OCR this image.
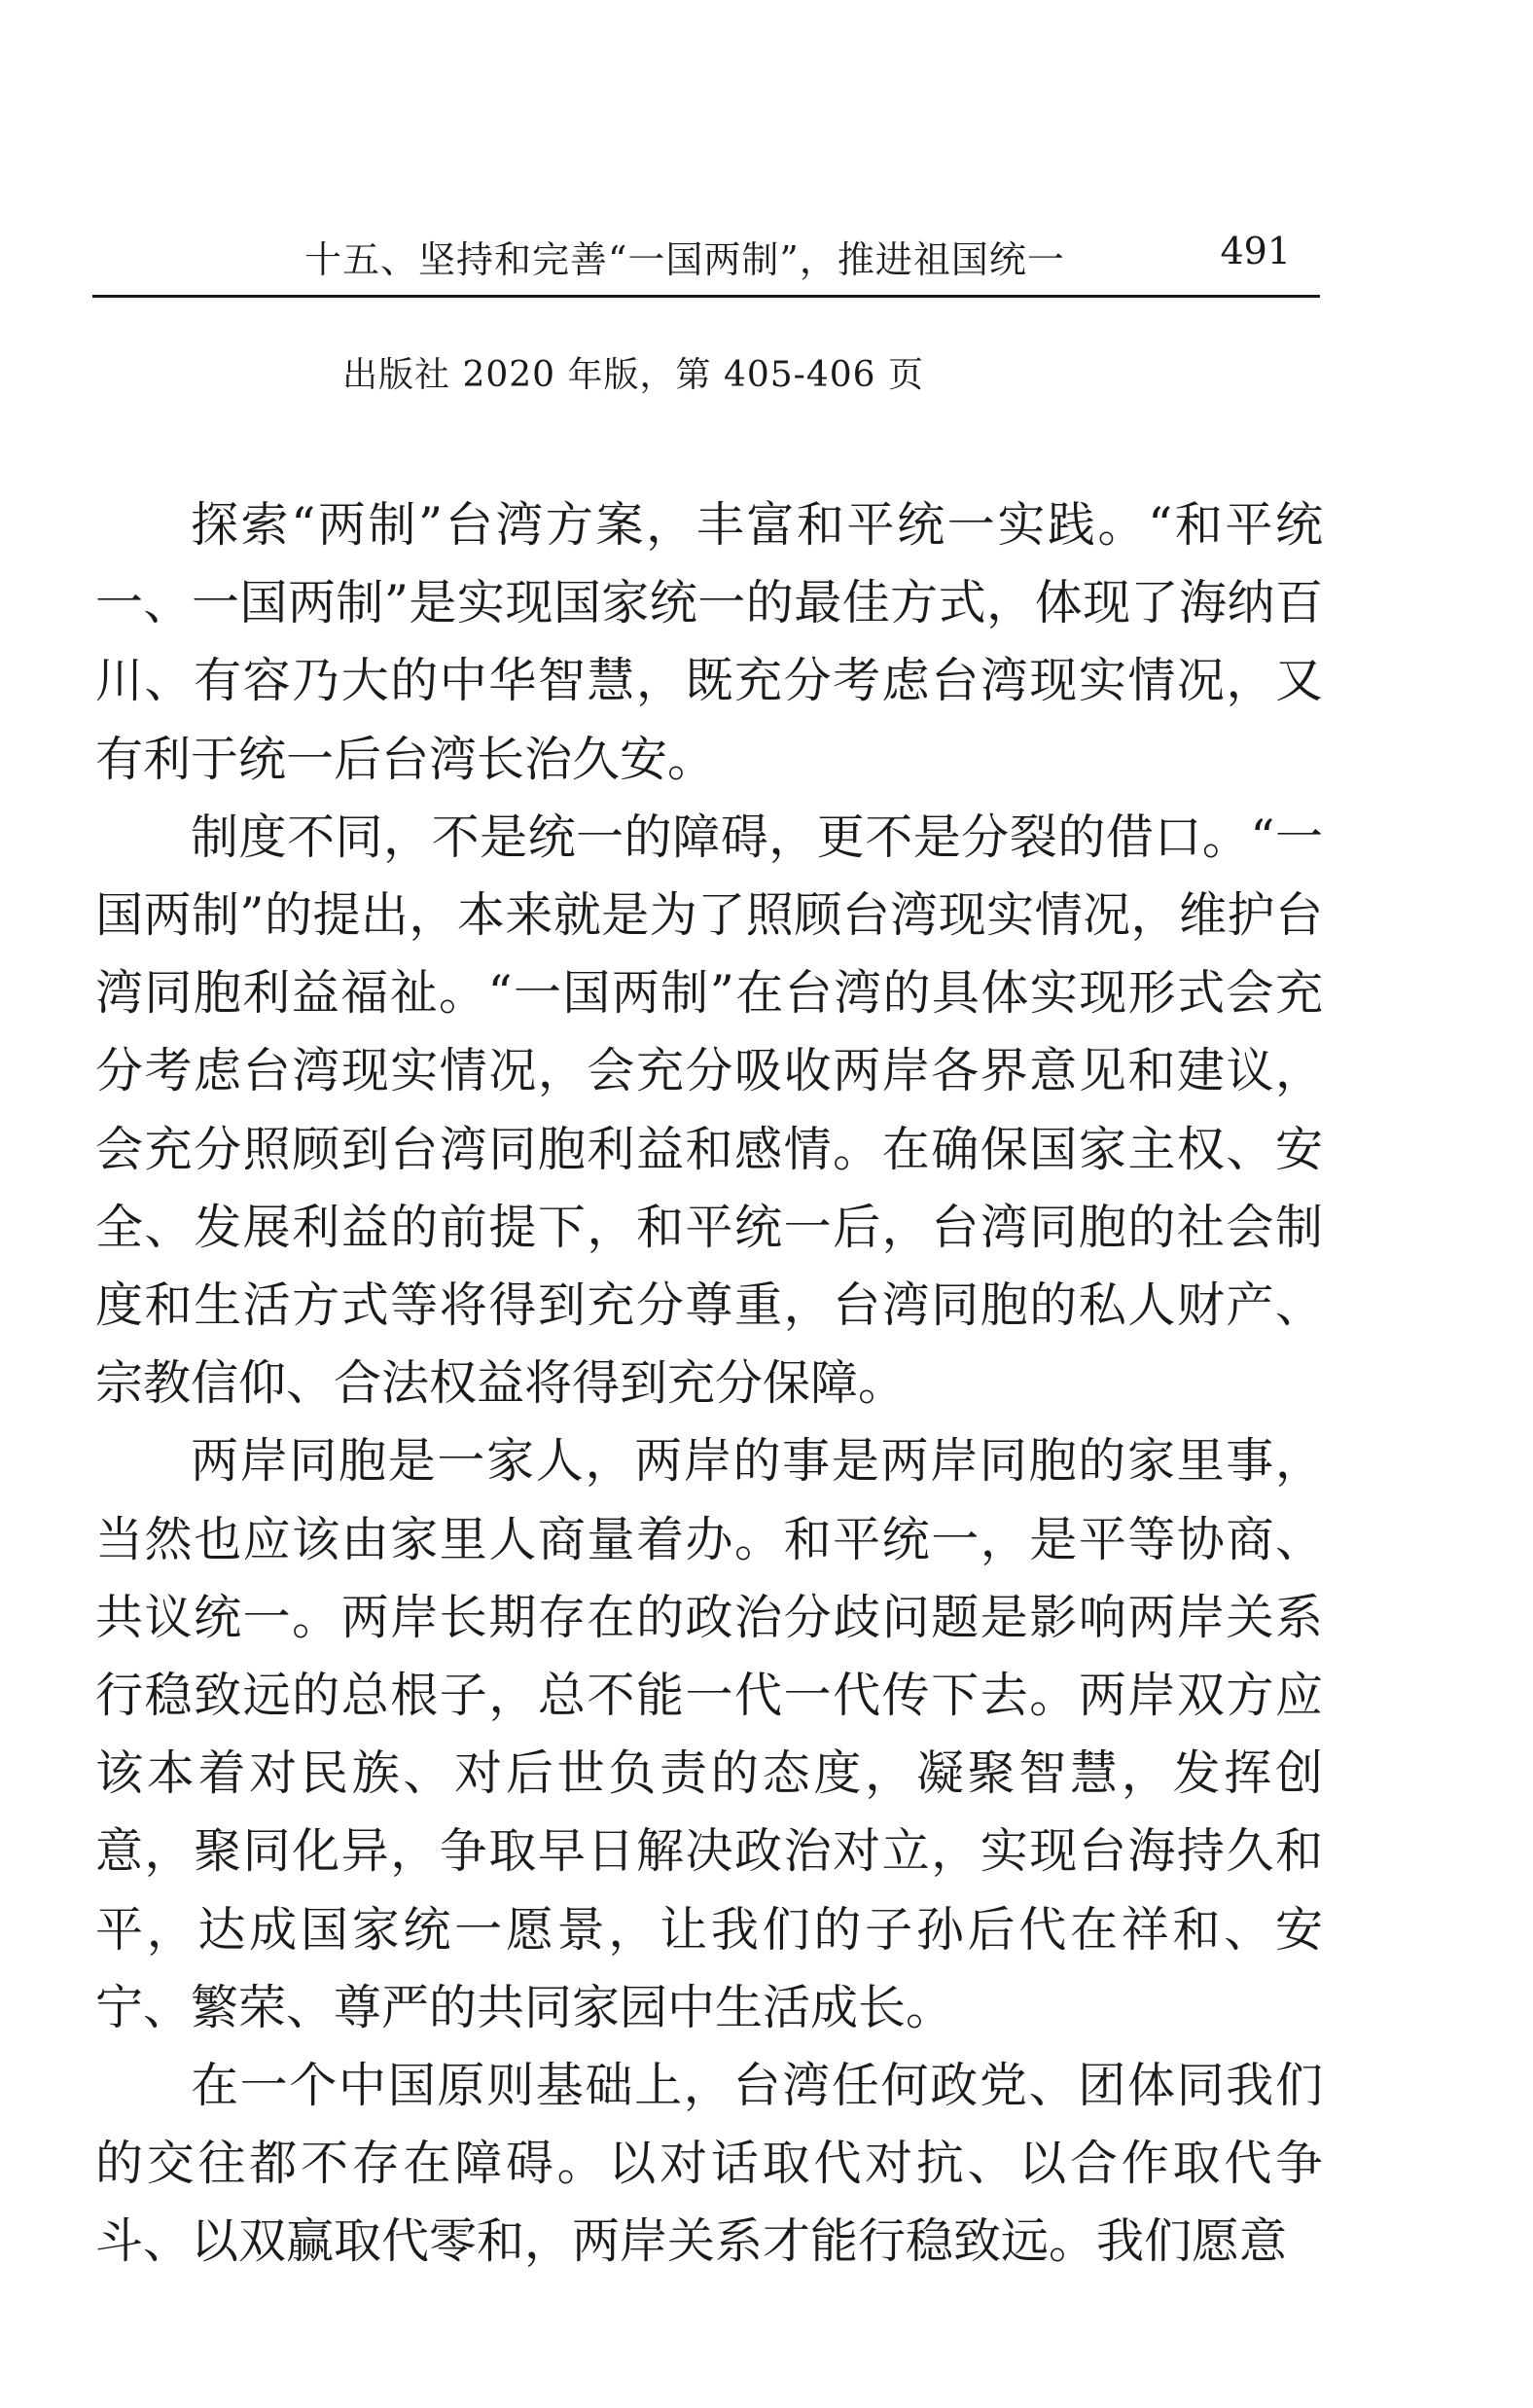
十五、坚持和完善“一国两制”，推进祖国统一	491
出版社 2020 年版，第 405-406 页

探索“两制”台湾方案，丰富和平统一实践。“和平统一、一国两制”是实现国家统一的最佳方式，体现了海纳百川、有容乃大的中华智慧，既充分考虑台湾现实情况，又有利于统一后台湾长治久安。

制度不同，不是统一的障碍，更不是分裂的借口。“一国两制”的提出，本来就是为了照顾台湾现实情况，维护台湾同胞利益福祉。“一国两制”在台湾的具体实现形式会充分考虑台湾现实情况，会充分吸收两岸各界意见和建议，会充分照顾到台湾同胞利益和感情。在确保国家主权、安全、发展利益的前提下，和平统一后，台湾同胞的社会制度和生活方式等将得到充分尊重，台湾同胞的私人财产、宗教信仰、合法权益将得到充分保障。

两岸同胞是一家人，两岸的事是两岸同胞的家里事，当然也应该由家里人商量着办。和平统一，是平等协商、共议统一。两岸长期存在的政治分歧问题是影响两岸关系行稳致远的总根子，总不能一代一代传下去。两岸双方应该本着对民族、对后世负责的态度，凝聚智慧，发挥创意，聚同化异，争取早日解决政治对立，实现台海持久和平，达成国家统一愿景，让我们的子孙后代在祥和、安宁、繁荣、尊严的共同家园中生活成长。

在一个中国原则基础上，台湾任何政党、团体同我们的交往都不存在障碍。以对话取代对抗、以合作取代争斗、以双赢取代零和，两岸关系才能行稳致远。我们愿意
